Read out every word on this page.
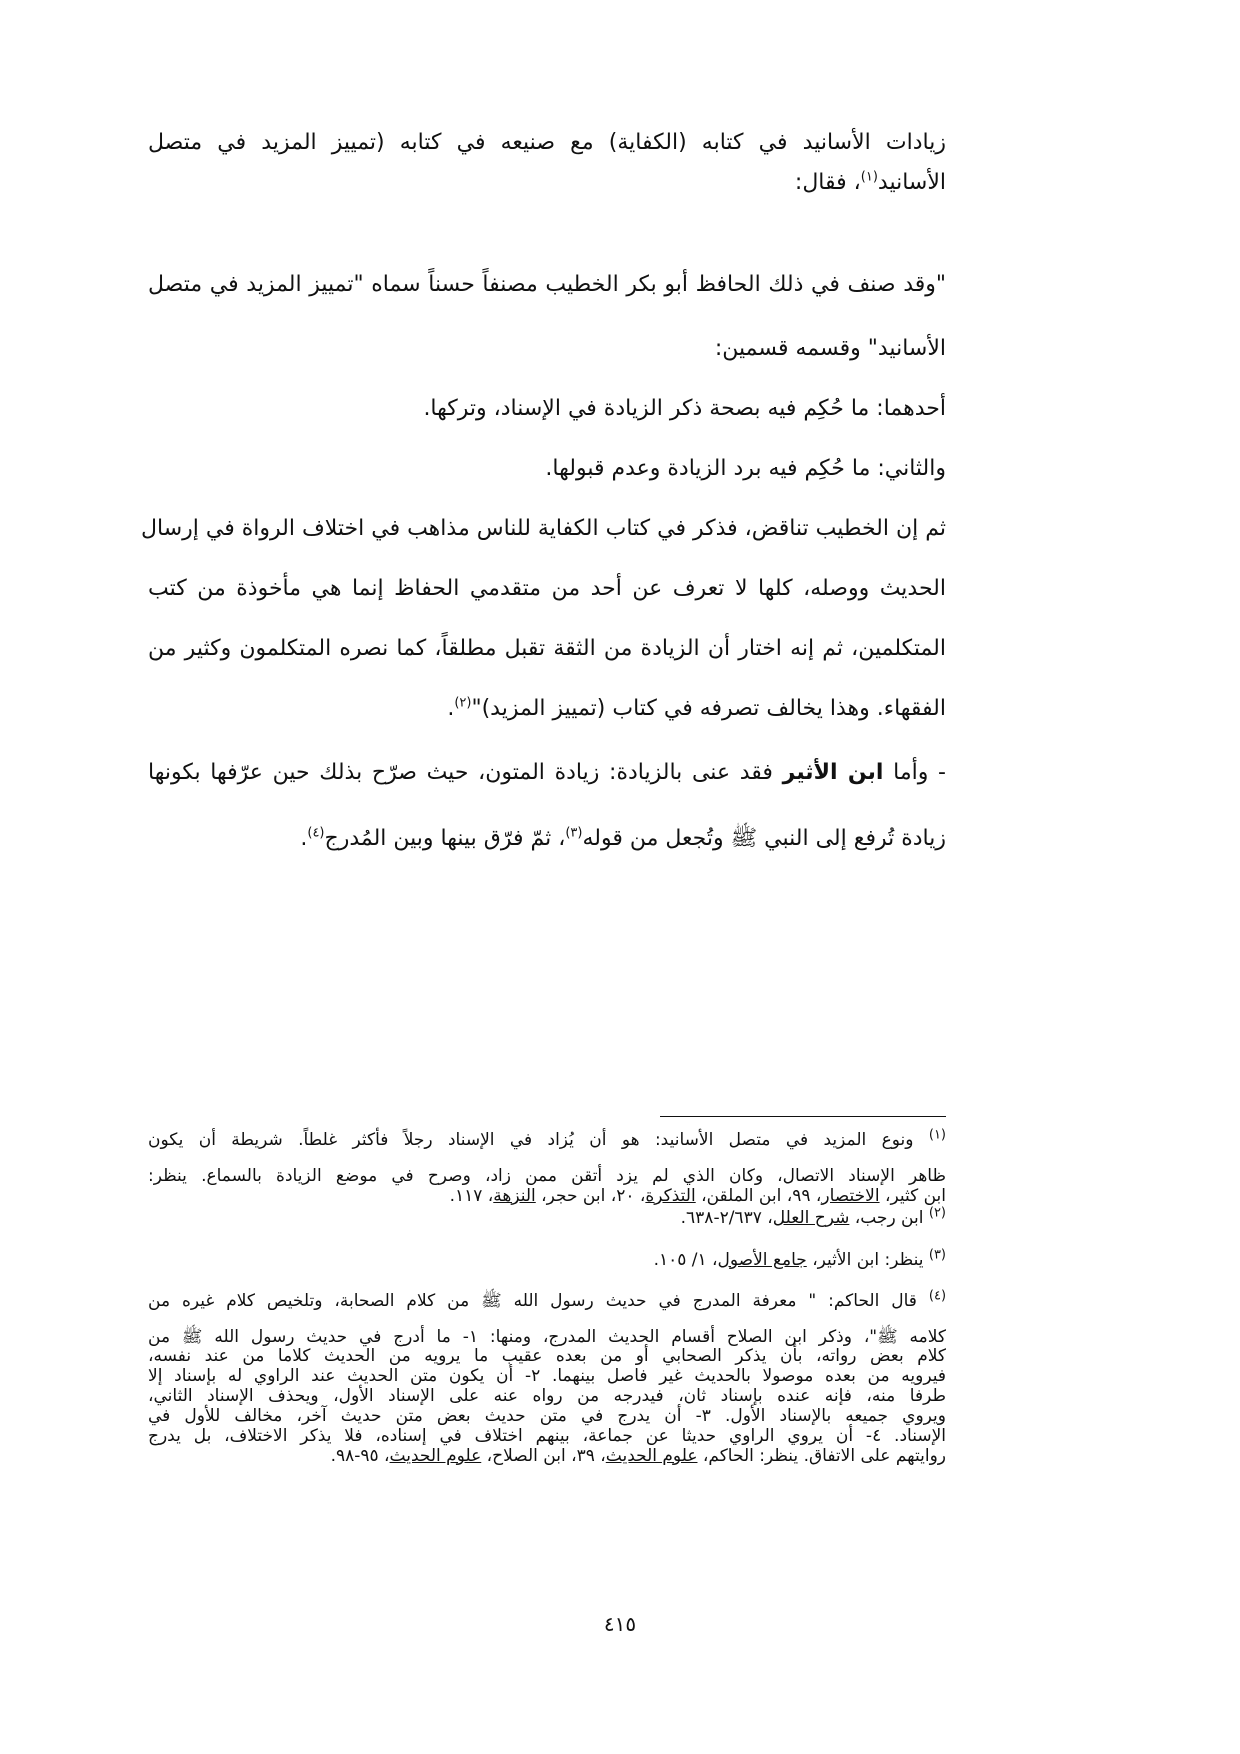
زيادات الأسانيد في كتابه (الكفاية) مع صنيعه في كتابه (تمييز المزيد في متصل
الأسانيد$^{(١)}$، فقال:
"وقد صنف في ذلك الحافظ أبو بكر الخطيب مصنفاً حسناً سماه "تمييز المزيد في متصل
الأسانيد" وقسمه قسمين:
أحدهما: ما حُكِم فيه بصحة ذكر الزيادة في الإسناد، وتركها.
والثاني: ما حُكِم فيه برد الزيادة وعدم قبولها.
ثم إن الخطيب تناقض، فذكر في كتاب الكفاية للناس مذاهب في اختلاف الرواة في إرسال
الحديث ووصله، كلها لا تعرف عن أحد من متقدمي الحفاظ إنما هي مأخوذة من كتب
المتكلمين، ثم إنه اختار أن الزيادة من الثقة تقبل مطلقاً، كما نصره المتكلمون وكثير من
الفقهاء. وهذا يخالف تصرفه في كتاب (تمييز المزيد)"$^{(٢)}$.
- وأما ابن الأثير فقد عنى بالزيادة: زيادة المتون، حيث صرّح بذلك حين عرّفها بكونها
زيادة تُرفع إلى النبي ﷺ وتُجعل من قوله$^{(٣)}$، ثمّ فرّق بينها وبين المُدرج$^{(٤)}$.
$^{(١)}$ ونوع المزيد في متصل الأسانيد: هو أن يُزاد في الإسناد رجلاً فأكثر غلطاً. شريطة أن يكون
ظاهر الإسناد الاتصال، وكان الذي لم يزد أتقن ممن زاد، وصرح في موضع الزيادة بالسماع. ينظر:
ابن كثير، الاختصار، ٩٩، ابن الملقن، التذكرة، ٢٠، ابن حجر، النزهة، ١١٧.
$^{(٢)}$ ابن رجب، شرح العلل، ٢/٦٣٧-٦٣٨.
$^{(٣)}$ ينظر: ابن الأثير، جامع الأصول، ١/ ١٠٥.
$^{(٤)}$ قال الحاكم: " معرفة المدرج في حديث رسول الله ﷺ من كلام الصحابة، وتلخيص كلام غيره من
كلامه ﷺ"، وذكر ابن الصلاح أقسام الحديث المدرج، ومنها: ١- ما أدرج في حديث رسول الله ﷺ من
كلام بعض رواته، بأن يذكر الصحابي أو من بعده عقيب ما يرويه من الحديث كلاما من عند نفسه،
فيرويه من بعده موصولا بالحديث غير فاصل بينهما. ٢- أن يكون متن الحديث عند الراوي له بإسناد إلا
طرفا منه، فإنه عنده بإسناد ثان، فيدرجه من رواه عنه على الإسناد الأول، ويحذف الإسناد الثاني،
ويروي جميعه بالإسناد الأول. ٣- أن يدرج في متن حديث بعض متن حديث آخر، مخالف للأول في
الإسناد. ٤- أن يروي الراوي حديثا عن جماعة، بينهم اختلاف في إسناده، فلا يذكر الاختلاف، بل يدرج
روايتهم على الاتفاق. ينظر: الحاكم، علوم الحديث، ٣٩، ابن الصلاح، علوم الحديث، ٩٥-٩٨.
٤١٥
